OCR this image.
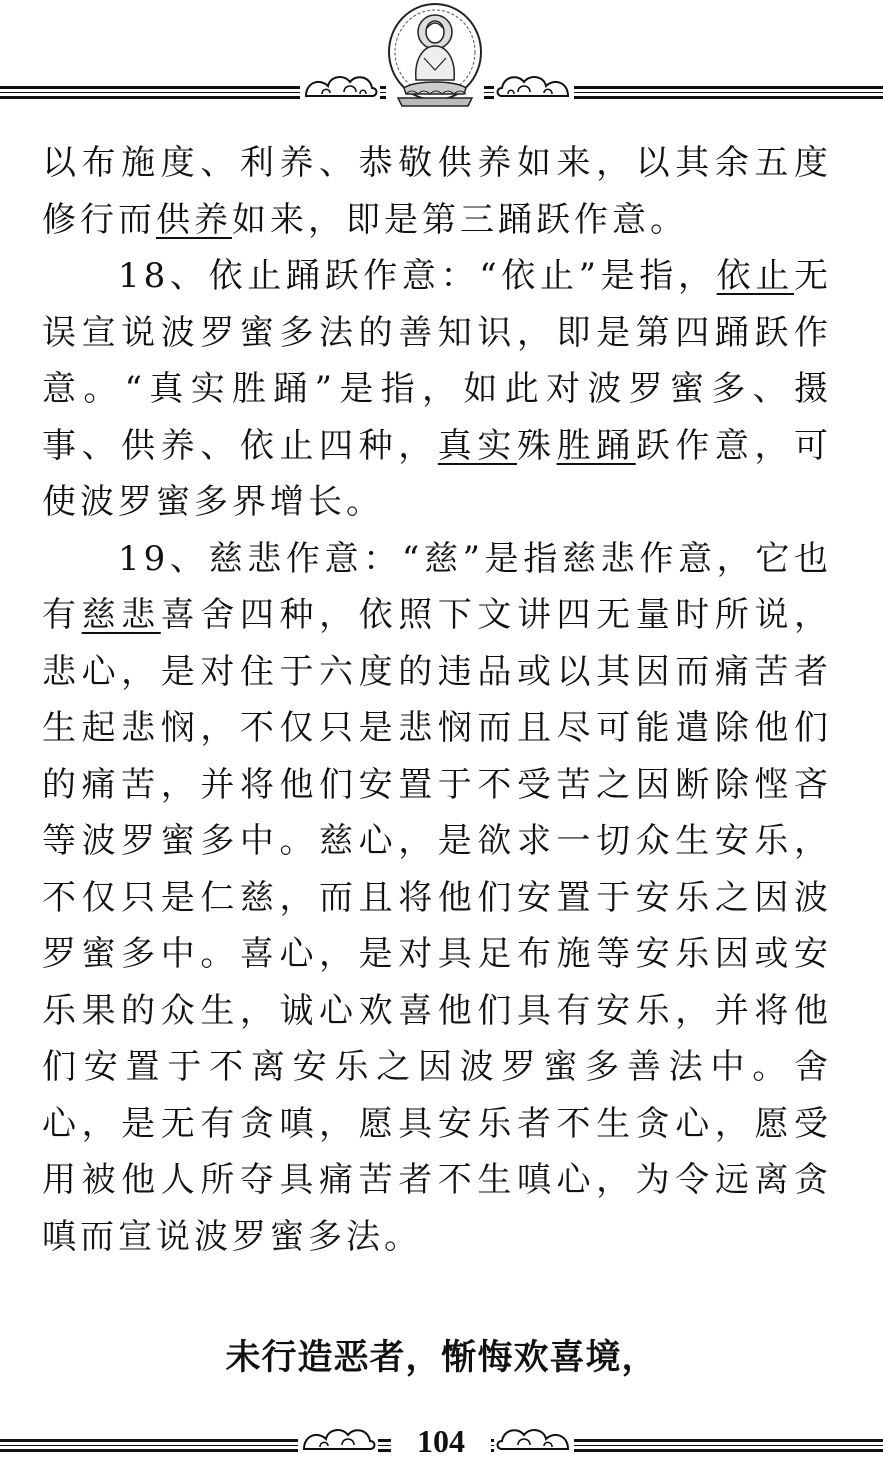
以布施度、利养、恭敬供养如来，以其余五度修行而供养如来，即是第三踊跃作意。

18、依止踊跃作意：“依止”是指，依止无误宣说波罗蜜多法的善知识，即是第四踊跃作意。“真实胜踊”是指，如此对波罗蜜多、摄事、供养、依止四种，真实殊胜踊跃作意，可使波罗蜜多界增长。

19、慈悲作意：“慈”是指慈悲作意，它也有慈悲喜舍四种，依照下文讲四无量时所说，悲心，是对住于六度的违品或以其因而痛苦者生起悲悯，不仅只是悲悯而且尽可能遣除他们的痛苦，并将他们安置于不受苦之因断除悭吝等波罗蜜多中。慈心，是欲求一切众生安乐，不仅只是仁慈，而且将他们安置于安乐之因波罗蜜多中。喜心，是对具足布施等安乐因或安乐果的众生，诚心欢喜他们具有安乐，并将他们安置于不离安乐之因波罗蜜多善法中。舍心，是无有贪嗔，愿具安乐者不生贪心，愿受用被他人所夺具痛苦者不生嗔心，为令远离贪嗔而宣说波罗蜜多法。

未行造恶者，惭悔欢喜境，
104
